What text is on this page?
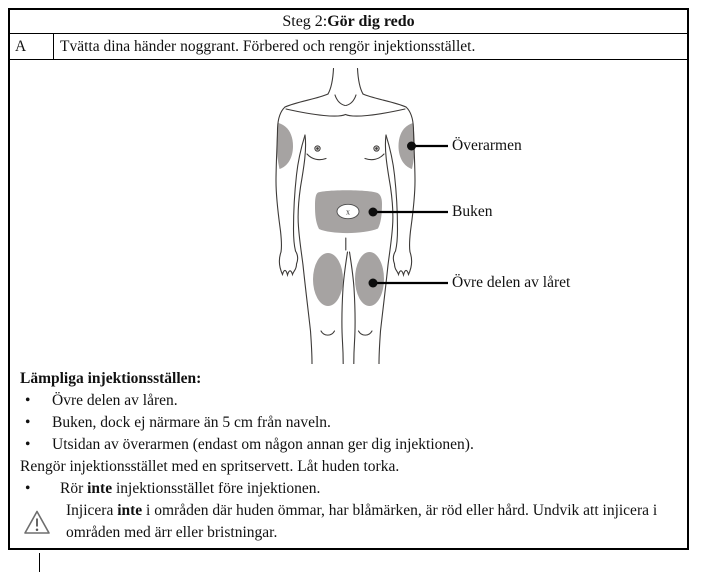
Steg 2: Gör dig redo
A Tvätta dina händer noggrant. Förbered och rengör injektionsstället.
x
Överarmen
Buken
Övre delen av låret
Lämpliga injektionsställen:
•	Övre delen av låren.
•	Buken, dock ej närmare än 5 cm från naveln.
•	Utsidan av överarmen (endast om någon annan ger dig injektionen).
Rengör injektionsstället med en spritservett. Låt huden torka.
•	Rör inte injektionsstället före injektionen.
Injicera inte i områden där huden ömmar, har blåmärken, är röd eller hård. Undvik att injicera i områden med ärr eller bristningar.
